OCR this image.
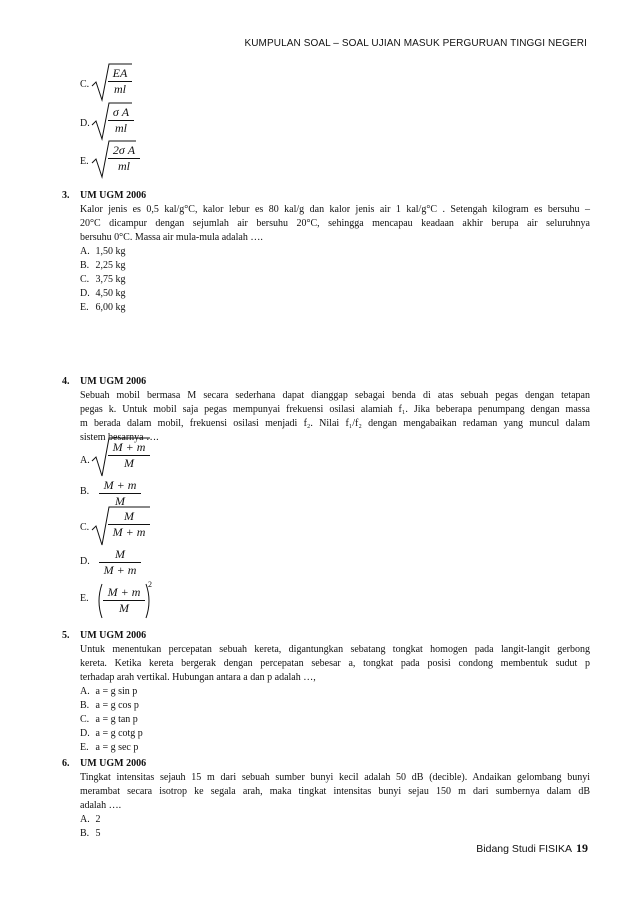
KUMPULAN SOAL – SOAL UJIAN MASUK PERGURUAN TINGGI NEGERI
C. $\frac{EA}{ml}$
D. $\frac{\text{σ A}}{ml}$
E. $\frac{\text{2σ A}}{ml}$
3. UM UGM 2006
Kalor jenis es 0,5 kal/g°C, kalor lebur es 80 kal/g dan kalor jenis air 1 kal/g°C . Setengah kilogram es bersuhu –
20°C dicampur dengan sejumlah air bersuhu 20°C, sehingga mencapau keadaan akhir berupa air seluruhnya
bersuhu 0°C. Massa air mula-mula adalah ….
A. 1,50 kg
B. 2,25 kg
C. 3,75 kg
D. 4,50 kg
E. 6,00 kg
4. UM UGM 2006
Sebuah mobil bermasa M secara sederhana dapat dianggap sebagai benda di atas sebuah pegas dengan tetapan
pegas k. Untuk mobil saja pegas mempunyai frekuensi osilasi alamiah f₁. Jika beberapa penumpang dengan massa
m berada dalam mobil, frekuensi osilasi menjadi f₂. Nilai f₁/f₂ dengan mengabaikan redaman yang muncul dalam
sistem besarnya ….
A. $\frac{M + m}{M}$
B. $\frac{M + m}{M}$
C. $\frac{M}{M + m}$
D. $\frac{M}{M + m}$
E. $\frac{M + m}{M}$
2
5. UM UGM 2006
Untuk menentukan percepatan sebuah kereta, digantungkan sebatang tongkat homogen pada langit-langit gerbong
kereta. Ketika kereta bergerak dengan percepatan sebesar a, tongkat pada posisi condong membentuk sudut p
terhadap arah vertikal. Hubungan antara a dan p adalah …,
A. a = g sin p
B. a = g cos p
C. a = g tan p
D. a = g cotg p
E. a = g sec p
6. UM UGM 2006
Tingkat intensitas sejauh 15 m dari sebuah sumber bunyi kecil adalah 50 dB (decible). Andaikan gelombang bunyi
merambat secara isotrop ke segala arah, maka tingkat intensitas bunyi sejau 150 m dari sumbernya dalam dB
adalah ….
A. 2
B. 5
Bidang Studi FISIKA 19
